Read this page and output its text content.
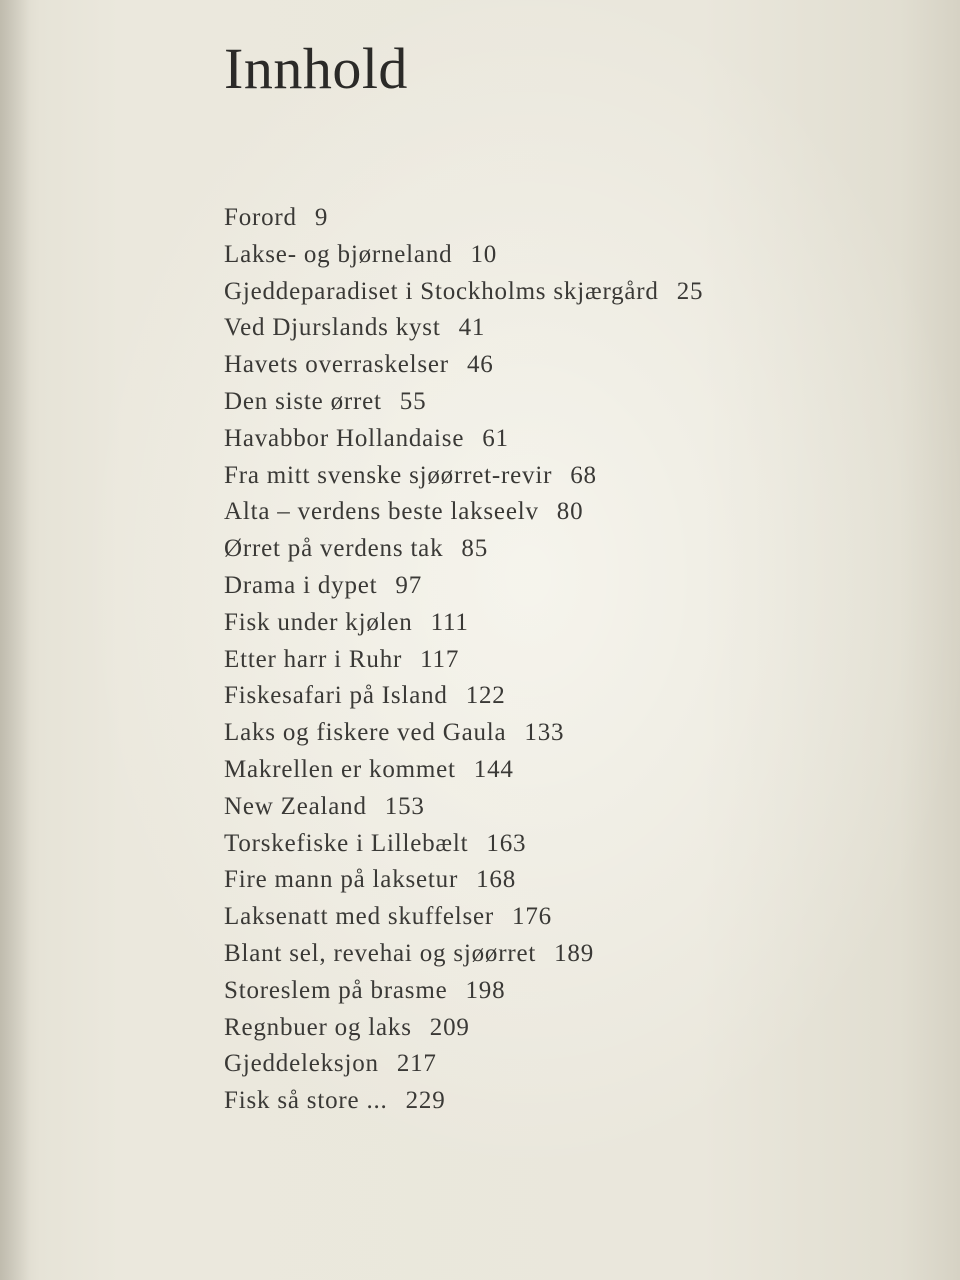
Innhold
Forord 9
Lakse- og bjørneland 10
Gjeddeparadiset i Stockholms skjærgård 25
Ved Djurslands kyst 41
Havets overraskelser 46
Den siste ørret 55
Havabbor Hollandaise 61
Fra mitt svenske sjøørret-revir 68
Alta – verdens beste lakseelv 80
Ørret på verdens tak 85
Drama i dypet 97
Fisk under kjølen 111
Etter harr i Ruhr 117
Fiskesafari på Island 122
Laks og fiskere ved Gaula 133
Makrellen er kommet 144
New Zealand 153
Torskefiske i Lillebælt 163
Fire mann på laksetur 168
Laksenatt med skuffelser 176
Blant sel, revehai og sjøørret 189
Storeslem på brasme 198
Regnbuer og laks 209
Gjeddeleksjon 217
Fisk så store ... 229
